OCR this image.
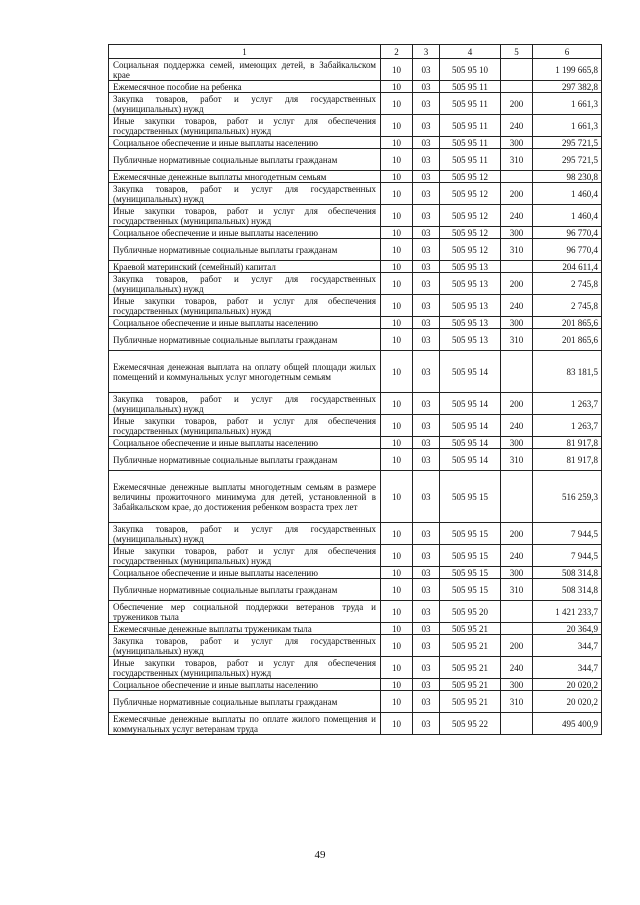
1	2	3	4	5	6
Социальная поддержка семей, имеющих детей, в Забайкальском крае	10	03	505 95 10		1 199 665,8
Ежемесячное пособие на ребенка	10	03	505 95 11		297 382,8
Закупка товаров, работ и услуг для государственных (муниципальных) нужд	10	03	505 95 11	200	1 661,3
Иные закупки товаров, работ и услуг для обеспечения государственных (муниципальных) нужд	10	03	505 95 11	240	1 661,3
Социальное обеспечение и иные выплаты населению	10	03	505 95 11	300	295 721,5
Публичные нормативные социальные выплаты гражданам	10	03	505 95 11	310	295 721,5
Ежемесячные денежные выплаты многодетным семьям	10	03	505 95 12		98 230,8
Закупка товаров, работ и услуг для государственных (муниципальных) нужд	10	03	505 95 12	200	1 460,4
Иные закупки товаров, работ и услуг для обеспечения государственных (муниципальных) нужд	10	03	505 95 12	240	1 460,4
Социальное обеспечение и иные выплаты населению	10	03	505 95 12	300	96 770,4
Публичные нормативные социальные выплаты гражданам	10	03	505 95 12	310	96 770,4
Краевой материнский (семейный) капитал	10	03	505 95 13		204 611,4
Закупка товаров, работ и услуг для государственных (муниципальных) нужд	10	03	505 95 13	200	2 745,8
Иные закупки товаров, работ и услуг для обеспечения государственных (муниципальных) нужд	10	03	505 95 13	240	2 745,8
Социальное обеспечение и иные выплаты населению	10	03	505 95 13	300	201 865,6
Публичные нормативные социальные выплаты гражданам	10	03	505 95 13	310	201 865,6
Ежемесячная денежная выплата на оплату общей площади жилых помещений и коммунальных услуг многодетным семьям	10	03	505 95 14		83 181,5
Закупка товаров, работ и услуг для государственных (муниципальных) нужд	10	03	505 95 14	200	1 263,7
Иные закупки товаров, работ и услуг для обеспечения государственных (муниципальных) нужд	10	03	505 95 14	240	1 263,7
Социальное обеспечение и иные выплаты населению	10	03	505 95 14	300	81 917,8
Публичные нормативные социальные выплаты гражданам	10	03	505 95 14	310	81 917,8
Ежемесячные денежные выплаты многодетным семьям в размере величины прожиточного минимума для детей, установленной в Забайкальском крае, до достижения ребенком возраста трех лет	10	03	505 95 15		516 259,3
Закупка товаров, работ и услуг для государственных (муниципальных) нужд	10	03	505 95 15	200	7 944,5
Иные закупки товаров, работ и услуг для обеспечения государственных (муниципальных) нужд	10	03	505 95 15	240	7 944,5
Социальное обеспечение и иные выплаты населению	10	03	505 95 15	300	508 314,8
Публичные нормативные социальные выплаты гражданам	10	03	505 95 15	310	508 314,8
Обеспечение мер социальной поддержки ветеранов труда и тружеников тыла	10	03	505 95 20		1 421 233,7
Ежемесячные денежные выплаты труженикам тыла	10	03	505 95 21		20 364,9
Закупка товаров, работ и услуг для государственных (муниципальных) нужд	10	03	505 95 21	200	344,7
Иные закупки товаров, работ и услуг для обеспечения государственных (муниципальных) нужд	10	03	505 95 21	240	344,7
Социальное обеспечение и иные выплаты населению	10	03	505 95 21	300	20 020,2
Публичные нормативные социальные выплаты гражданам	10	03	505 95 21	310	20 020,2
Ежемесячные денежные выплаты по оплате жилого помещения и коммунальных услуг ветеранам труда	10	03	505 95 22		495 400,9
49
